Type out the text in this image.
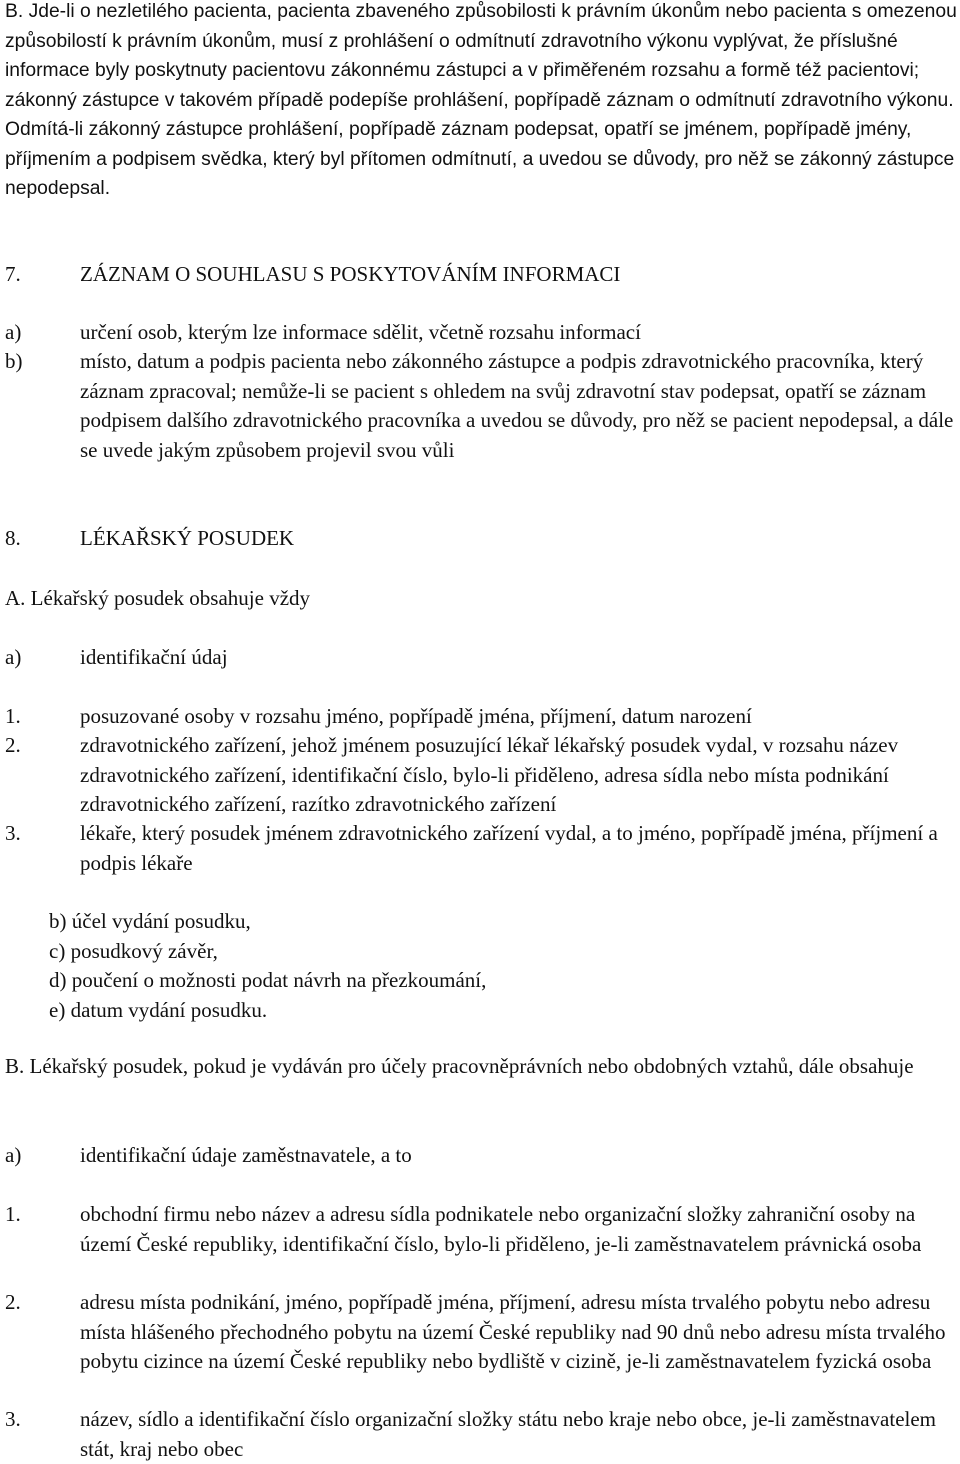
B. Jde-li o nezletilého pacienta, pacienta zbaveného způsobilosti k právním úkonům nebo pacienta s omezenou způsobilostí k právním úkonům, musí z prohlášení o odmítnutí zdravotního výkonu vyplývat, že příslušné informace byly poskytnuty pacientovu zákonnému zástupci a v přiměřeném rozsahu a formě též pacientovi; zákonný zástupce v takovém případě podepíše prohlášení, popřípadě záznam o odmítnutí zdravotního výkonu. Odmítá-li zákonný zástupce prohlášení, popřípadě záznam podepsat, opatří se jménem, popřípadě jmény, příjmením a podpisem svědka, který byl přítomen odmítnutí, a uvedou se důvody, pro něž se zákonný zástupce nepodepsal.

7.	ZÁZNAM O SOUHLASU S POSKYTOVÁNÍM INFORMACI
a)	určení osob, kterým lze informace sdělit, včetně rozsahu informací
b)	místo, datum a podpis pacienta nebo zákonného zástupce a podpis zdravotnického pracovníka, který záznam zpracoval; nemůže-li se pacient s ohledem na svůj zdravotní stav podepsat, opatří se záznam podpisem dalšího zdravotnického pracovníka a uvedou se důvody, pro něž se pacient nepodepsal, a dále se uvede jakým způsobem projevil svou vůli
8.	LÉKAŘSKÝ POSUDEK

A. Lékařský posudek obsahuje vždy

a)	identifikační údaj
1.	posuzované osoby v rozsahu jméno, popřípadě jména, příjmení, datum narození
2.	zdravotnického zařízení, jehož jménem posuzující lékař lékařský posudek vydal, v rozsahu název zdravotnického zařízení, identifikační číslo, bylo-li přiděleno, adresa sídla nebo místa podnikání zdravotnického zařízení, razítko zdravotnického zařízení
3.	lékaře, který posudek jménem zdravotnického zařízení vydal, a to jméno, popřípadě jména, příjmení a podpis lékaře

b) účel vydání posudku,

c) posudkový závěr,

d) poučení o možnosti podat návrh na přezkoumání,

e) datum vydání posudku.

B. Lékařský posudek, pokud je vydáván pro účely pracovněprávních nebo obdobných vztahů, dále obsahuje

a)	identifikační údaje zaměstnavatele, a to
1.	obchodní firmu nebo název a adresu sídla podnikatele nebo organizační složky zahraniční osoby na území České republiky, identifikační číslo, bylo-li přiděleno, je-li zaměstnavatelem právnická osoba
2.	adresu místa podnikání, jméno, popřípadě jména, příjmení, adresu místa trvalého pobytu nebo adresu místa hlášeného přechodného pobytu na území České republiky nad 90 dnů nebo adresu místa trvalého pobytu cizince na území České republiky nebo bydliště v cizině, je-li zaměstnavatelem fyzická osoba
3.	název, sídlo a identifikační číslo organizační složky státu nebo kraje nebo obce, je-li zaměstnavatelem stát, kraj nebo obec
